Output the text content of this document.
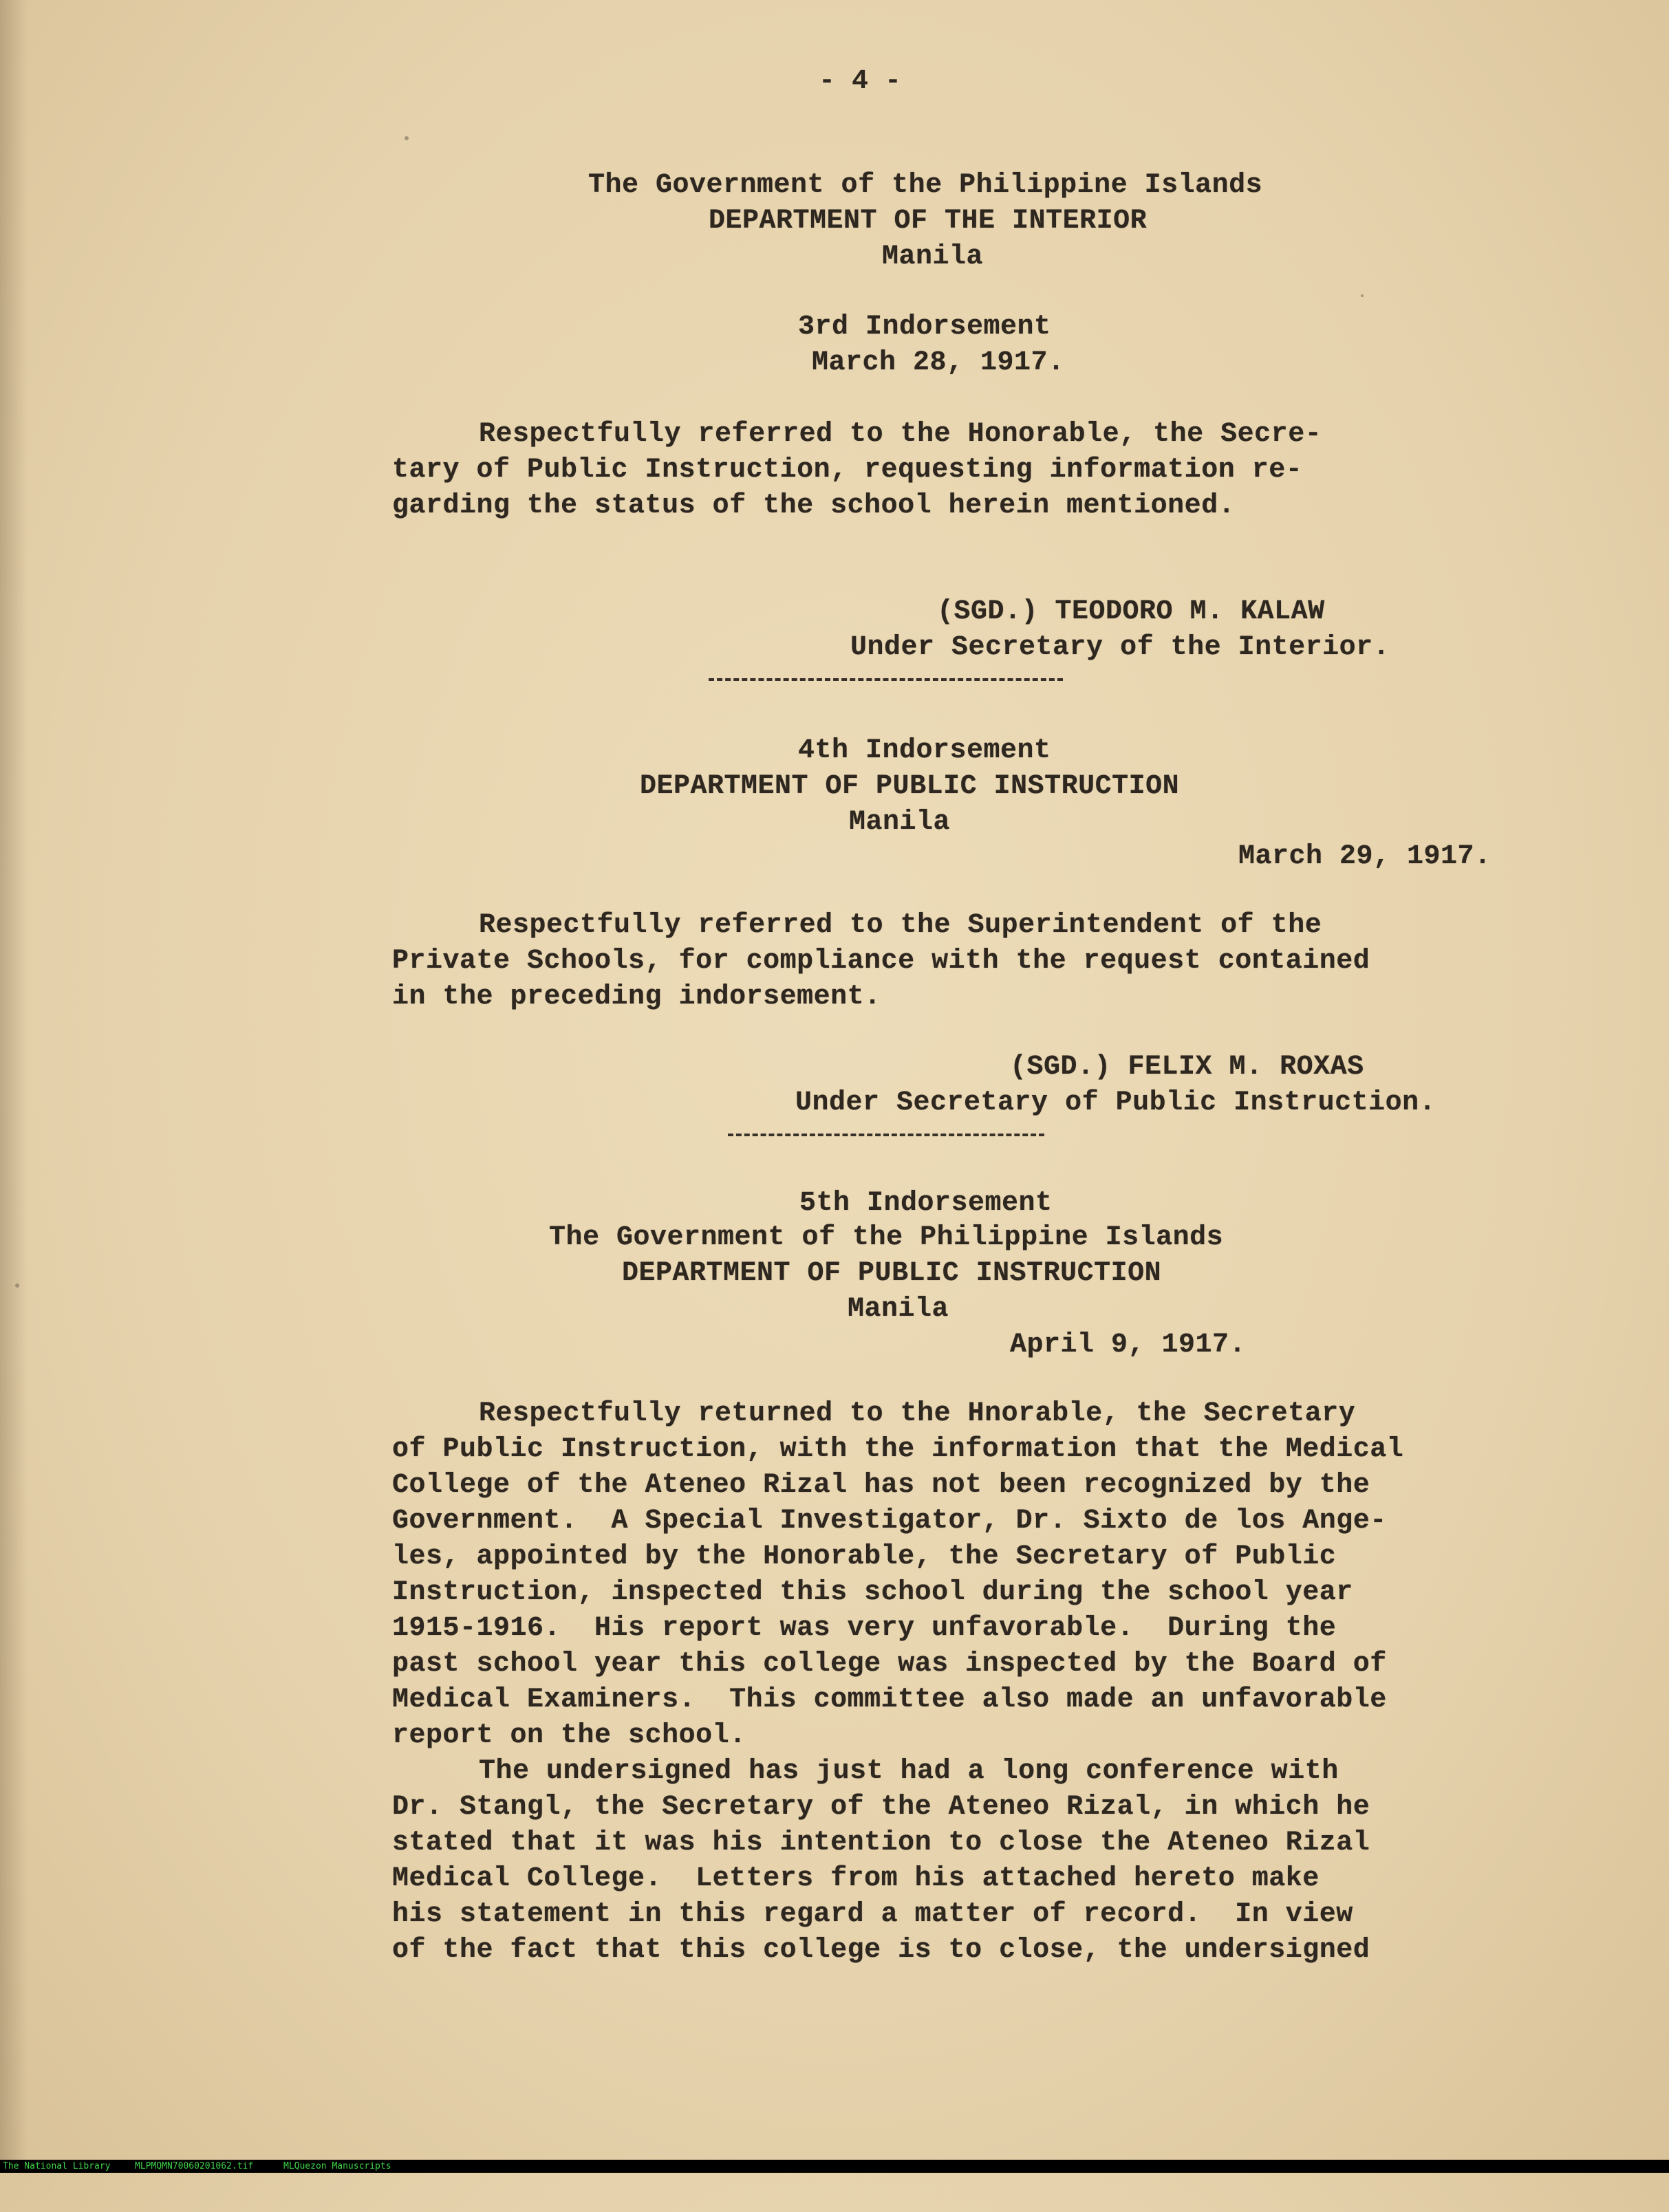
- 4 -
The Government of the Philippine Islands
DEPARTMENT OF THE INTERIOR
Manila
3rd Indorsement
March 28, 1917.
Respectfully referred to the Honorable, the Secre-
tary of Public Instruction, requesting information re-
garding the status of the school herein mentioned.
(SGD.) TEODORO M. KALAW
Under Secretary of the Interior.
4th Indorsement
DEPARTMENT OF PUBLIC INSTRUCTION
Manila
March 29, 1917.
Respectfully referred to the Superintendent of the
Private Schools, for compliance with the request contained
in the preceding indorsement.
(SGD.) FELIX M. ROXAS
Under Secretary of Public Instruction.
5th Indorsement
The Government of the Philippine Islands
DEPARTMENT OF PUBLIC INSTRUCTION
Manila
April 9, 1917.
Respectfully returned to the Hnorable, the Secretary
of Public Instruction, with the information that the Medical
College of the Ateneo Rizal has not been recognized by the
Government.  A Special Investigator, Dr. Sixto de los Ange-
les, appointed by the Honorable, the Secretary of Public
Instruction, inspected this school during the school year
1915-1916.  His report was very unfavorable.  During the
past school year this college was inspected by the Board of
Medical Examiners.  This committee also made an unfavorable
report on the school.
The undersigned has just had a long conference with
Dr. Stangl, the Secretary of the Ateneo Rizal, in which he
stated that it was his intention to close the Ateneo Rizal
Medical College.  Letters from his attached hereto make
his statement in this regard a matter of record.  In view
of the fact that this college is to close, the undersigned

The National Library

	MLPMQMN70060201062.tif

	MLQuezon Manuscripts
